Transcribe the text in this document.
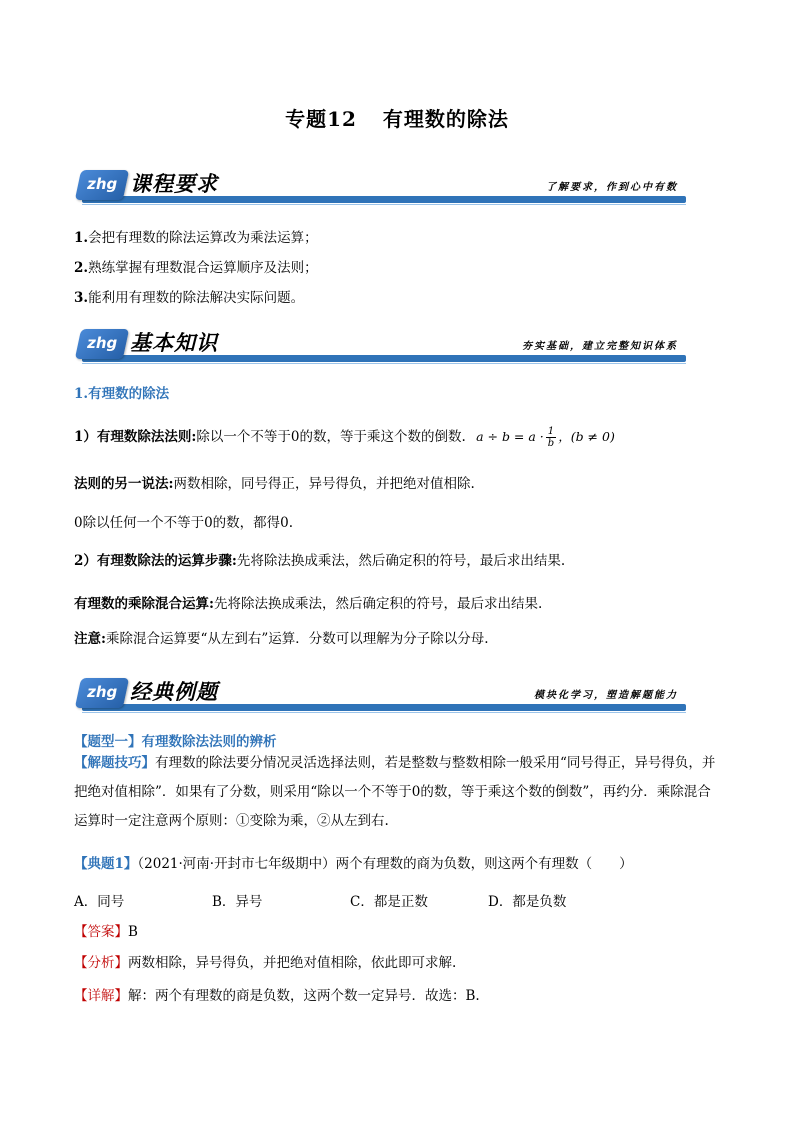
专题12 有理数的除法
zhg 课程要求	了解要求，作到心中有数
1.会把有理数的除法运算改为乘法运算；
2.熟练掌握有理数混合运算顺序及法则；
3.能利用有理数的除法解决实际问题。
zhg 基本知识	夯实基础，建立完整知识体系
1.有理数的除法
1）有理数除法法则:除以一个不等于0的数，等于乘这个数的倒数. $a \div b = a \cdot \frac{1}{b}$ ，(b ≠ 0)
法则的另一说法:两数相除，同号得正，异号得负，并把绝对值相除.
0除以任何一个不等于0的数，都得0.
2）有理数除法的运算步骤:先将除法换成乘法，然后确定积的符号，最后求出结果.
有理数的乘除混合运算:先将除法换成乘法，然后确定积的符号，最后求出结果.
注意:乘除混合运算要“从左到右”运算．分数可以理解为分子除以分母.
zhg 经典例题	模块化学习，塑造解题能力
【题型一】有理数除法法则的辨析
【解题技巧】有理数的除法要分情况灵活选择法则，若是整数与整数相除一般采用“同号得正，异号得负，并把绝对值相除”．如果有了分数，则采用“除以一个不等于0的数，等于乘这个数的倒数”，再约分．乘除混合运算时一定注意两个原则：①变除为乘，②从左到右.
【典题1】（2021·河南·开封市七年级期中）两个有理数的商为负数，则这两个有理数（　　）
A．同号	B．异号	C．都是正数	D．都是负数
【答案】B
【分析】两数相除，异号得负，并把绝对值相除，依此即可求解.
【详解】解：两个有理数的商是负数，这两个数一定异号．故选：B.
